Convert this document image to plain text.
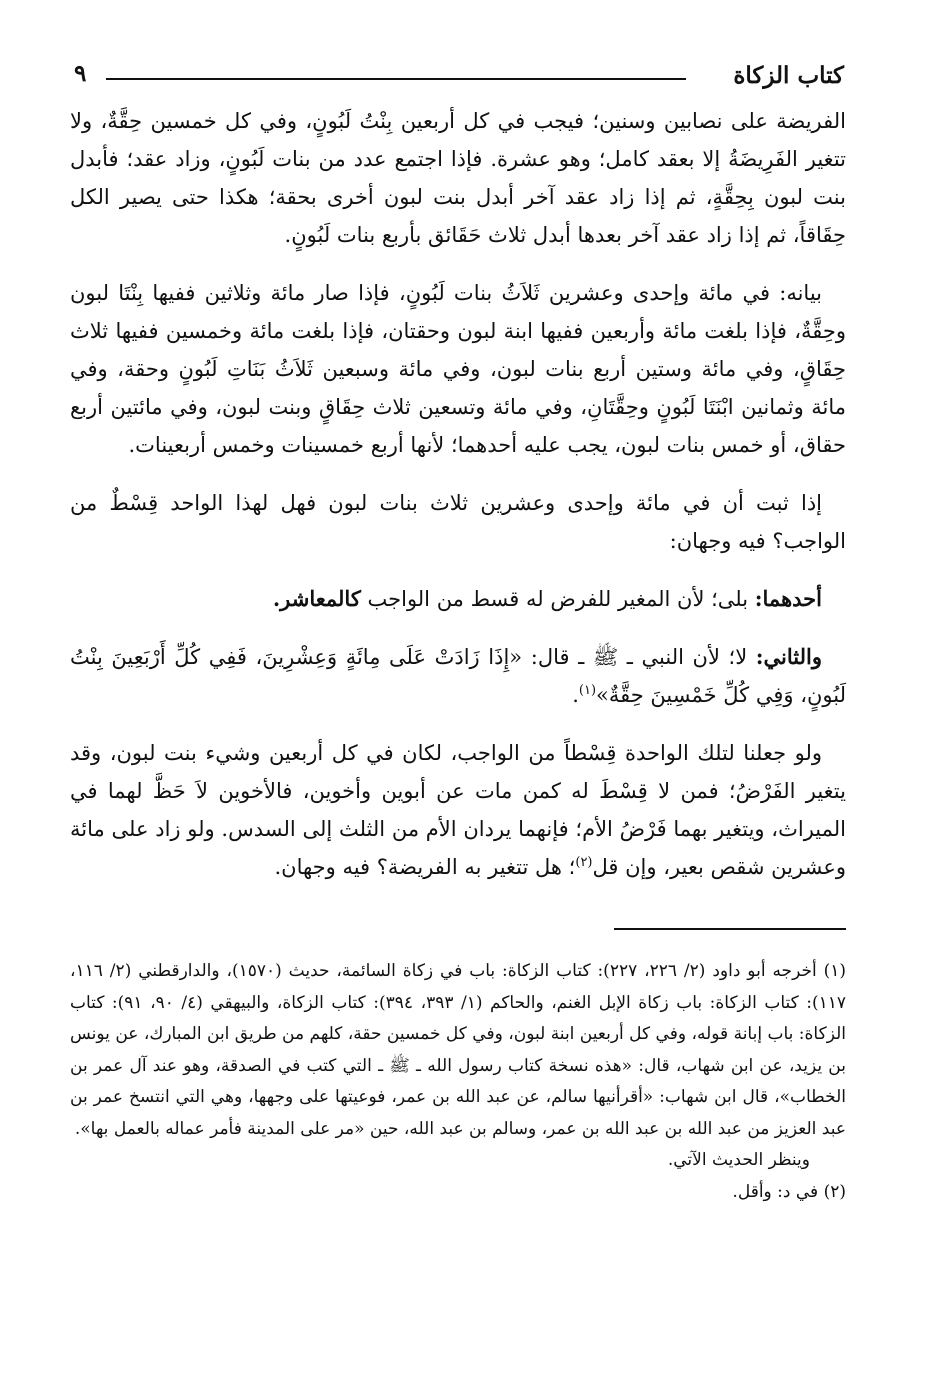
كتاب الزكاة
٩

الفريضة على نصابين وسنين؛ فيجب في كل أربعين بِنْتُ لَبُونٍ، وفي كل خمسين حِقَّةٌ، ولا تتغير الفَرِيضَةُ إلا بعقد كامل؛ وهو عشرة. فإذا اجتمع عدد من بنات لَبُونٍ، وزاد عقد؛ فأبدل بنت لبون بِحِقَّةٍ، ثم إذا زاد عقد آخر أبدل بنت لبون أخرى بحقة؛ هكذا حتى يصير الكل حِقَاقاً، ثم إذا زاد عقد آخر بعدها أبدل ثلاث حَقَائق بأربع بنات لَبُونٍ.

بيانه: في مائة وإحدى وعشرين ثَلاَثُ بنات لَبُونٍ، فإذا صار مائة وثلاثين ففيها بِنْتَا لبون وحِقَّةٌ، فإذا بلغت مائة وأربعين ففيها ابنة لبون وحقتان، فإذا بلغت مائة وخمسين ففيها ثلاث حِقَاقٍ، وفي مائة وستين أربع بنات لبون، وفي مائة وسبعين ثَلاَثُ بَنَاتِ لَبُونٍ وحقة، وفي مائة وثمانين ابْنَتَا لَبُونٍ وحِقَّتَانِ، وفي مائة وتسعين ثلاث حِقَاقٍ وبنت لبون، وفي مائتين أربع حقاق، أو خمس بنات لبون، يجب عليه أحدهما؛ لأنها أربع خمسينات وخمس أربعينات.

إذا ثبت أن في مائة وإحدى وعشرين ثلاث بنات لبون فهل لهذا الواحد قِسْطٌ من الواجب؟ فيه وجهان:

أحدهما: بلى؛ لأن المغير للفرض له قسط من الواجب كالمعاشر.

والثاني: لا؛ لأن النبي ـ ﷺ ـ قال: «إِذَا زَادَتْ عَلَى مِائَةٍ وَعِشْرِينَ، فَفِي كُلِّ أَرْبَعِينَ بِنْتُ لَبُونٍ، وَفِي كُلِّ خَمْسِينَ حِقَّةٌ»$^{(١)}$.

ولو جعلنا لتلك الواحدة قِسْطاً من الواجب، لكان في كل أربعين وشيء بنت لبون، وقد يتغير الفَرْضُ؛ فمن لا قِسْطَ له كمن مات عن أبوين وأخوين، فالأخوين لاَ حَظَّ لهما في الميراث، ويتغير بهما فَرْضُ الأم؛ فإنهما يردان الأم من الثلث إلى السدس. ولو زاد على مائة وعشرين شقص بعير، وإن قل$^{(٢)}$؛ هل تتغير به الفريضة؟ فيه وجهان.

(١) أخرجه أبو داود (٢/ ٢٢٦، ٢٢٧): كتاب الزكاة: باب في زكاة السائمة، حديث (١٥٧٠)، والدارقطني (٢/ ١١٦، ١١٧): كتاب الزكاة: باب زكاة الإبل الغنم، والحاكم (١/ ٣٩٣، ٣٩٤): كتاب الزكاة، والبيهقي (٤/ ٩٠، ٩١): كتاب الزكاة: باب إبانة قوله، وفي كل أربعين ابنة لبون، وفي كل خمسين حقة، كلهم من طريق ابن المبارك، عن يونس بن يزيد، عن ابن شهاب، قال: «هذه نسخة كتاب رسول الله ـ ﷺ ـ التي كتب في الصدقة، وهو عند آل عمر بن الخطاب»، قال ابن شهاب: «أقرأنيها سالم، عن عبد الله بن عمر، فوعيتها على وجهها، وهي التي انتسخ عمر بن عبد العزيز من عبد الله بن عبد الله بن عمر، وسالم بن عبد الله، حين «مر على المدينة فأمر عماله بالعمل بها».

وينظر الحديث الآتي.

(٢) في د: وأقل.
